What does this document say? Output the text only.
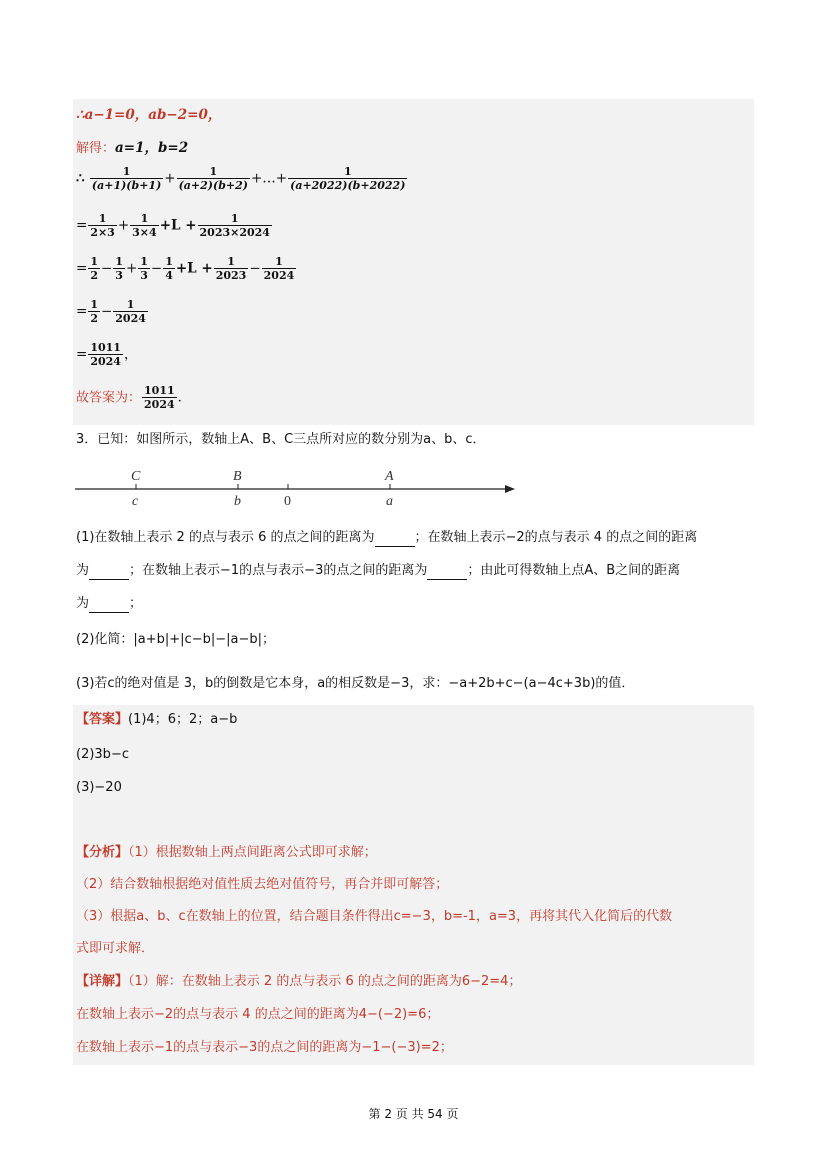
∴a−1=0，ab−2=0，
解得：a=1，b=2
∴ $\frac{1}{(a+1)(b+1)} + \frac{1}{(a+2)(b+2)}$ +…+ $\frac{1}{(a+2022)(b+2022)}$
= $\frac{1}{2\times 3} + \frac{1}{3\times 4} +L + \frac{1}{2023\times 2024}$
= $\frac{1}{2} - \frac{1}{3} + \frac{1}{3} - \frac{1}{4} +L + \frac{1}{2023} - \frac{1}{2024}$
= $\frac{1}{2} - \frac{1}{2024}$
= $\frac{1011}{2024}$ ，
故答案为： $\frac{1011}{2024}$ ．
3．已知：如图所示，数轴上A、B、C三点所对应的数分别为a、b、c．
C	B	A
c	b	0	a
(1)在数轴上表示 2 的点与表示 6 的点之间的距离为	；在数轴上表示−2的点与表示 4 的点之间的距离
为	；在数轴上表示−1的点与表示−3的点之间的距离为	；由此可得数轴上点A、B之间的距离
为	；
(2)化简：|a+b|+|c−b|−|a−b|；
(3)若c的绝对值是 3，b的倒数是它本身，a的相反数是−3，求：−a+2b+c−(a−4c+3b)的值．
【答案】(1)4；6；2；a−b
(2)3b−c
(3)−20
【分析】（1）根据数轴上两点间距离公式即可求解；
（2）结合数轴根据绝对值性质去绝对值符号，再合并即可解答；
（3）根据a、b、c在数轴上的位置，结合题目条件得出c=−3，b=-1，a=3，再将其代入化简后的代数
式即可求解．
【详解】（1）解：在数轴上表示 2 的点与表示 6 的点之间的距离为6−2=4；
在数轴上表示−2的点与表示 4 的点之间的距离为4−(−2)=6；
在数轴上表示−1的点与表示−3的点之间的距离为−1−(−3)=2；
第 2 页 共 54 页
